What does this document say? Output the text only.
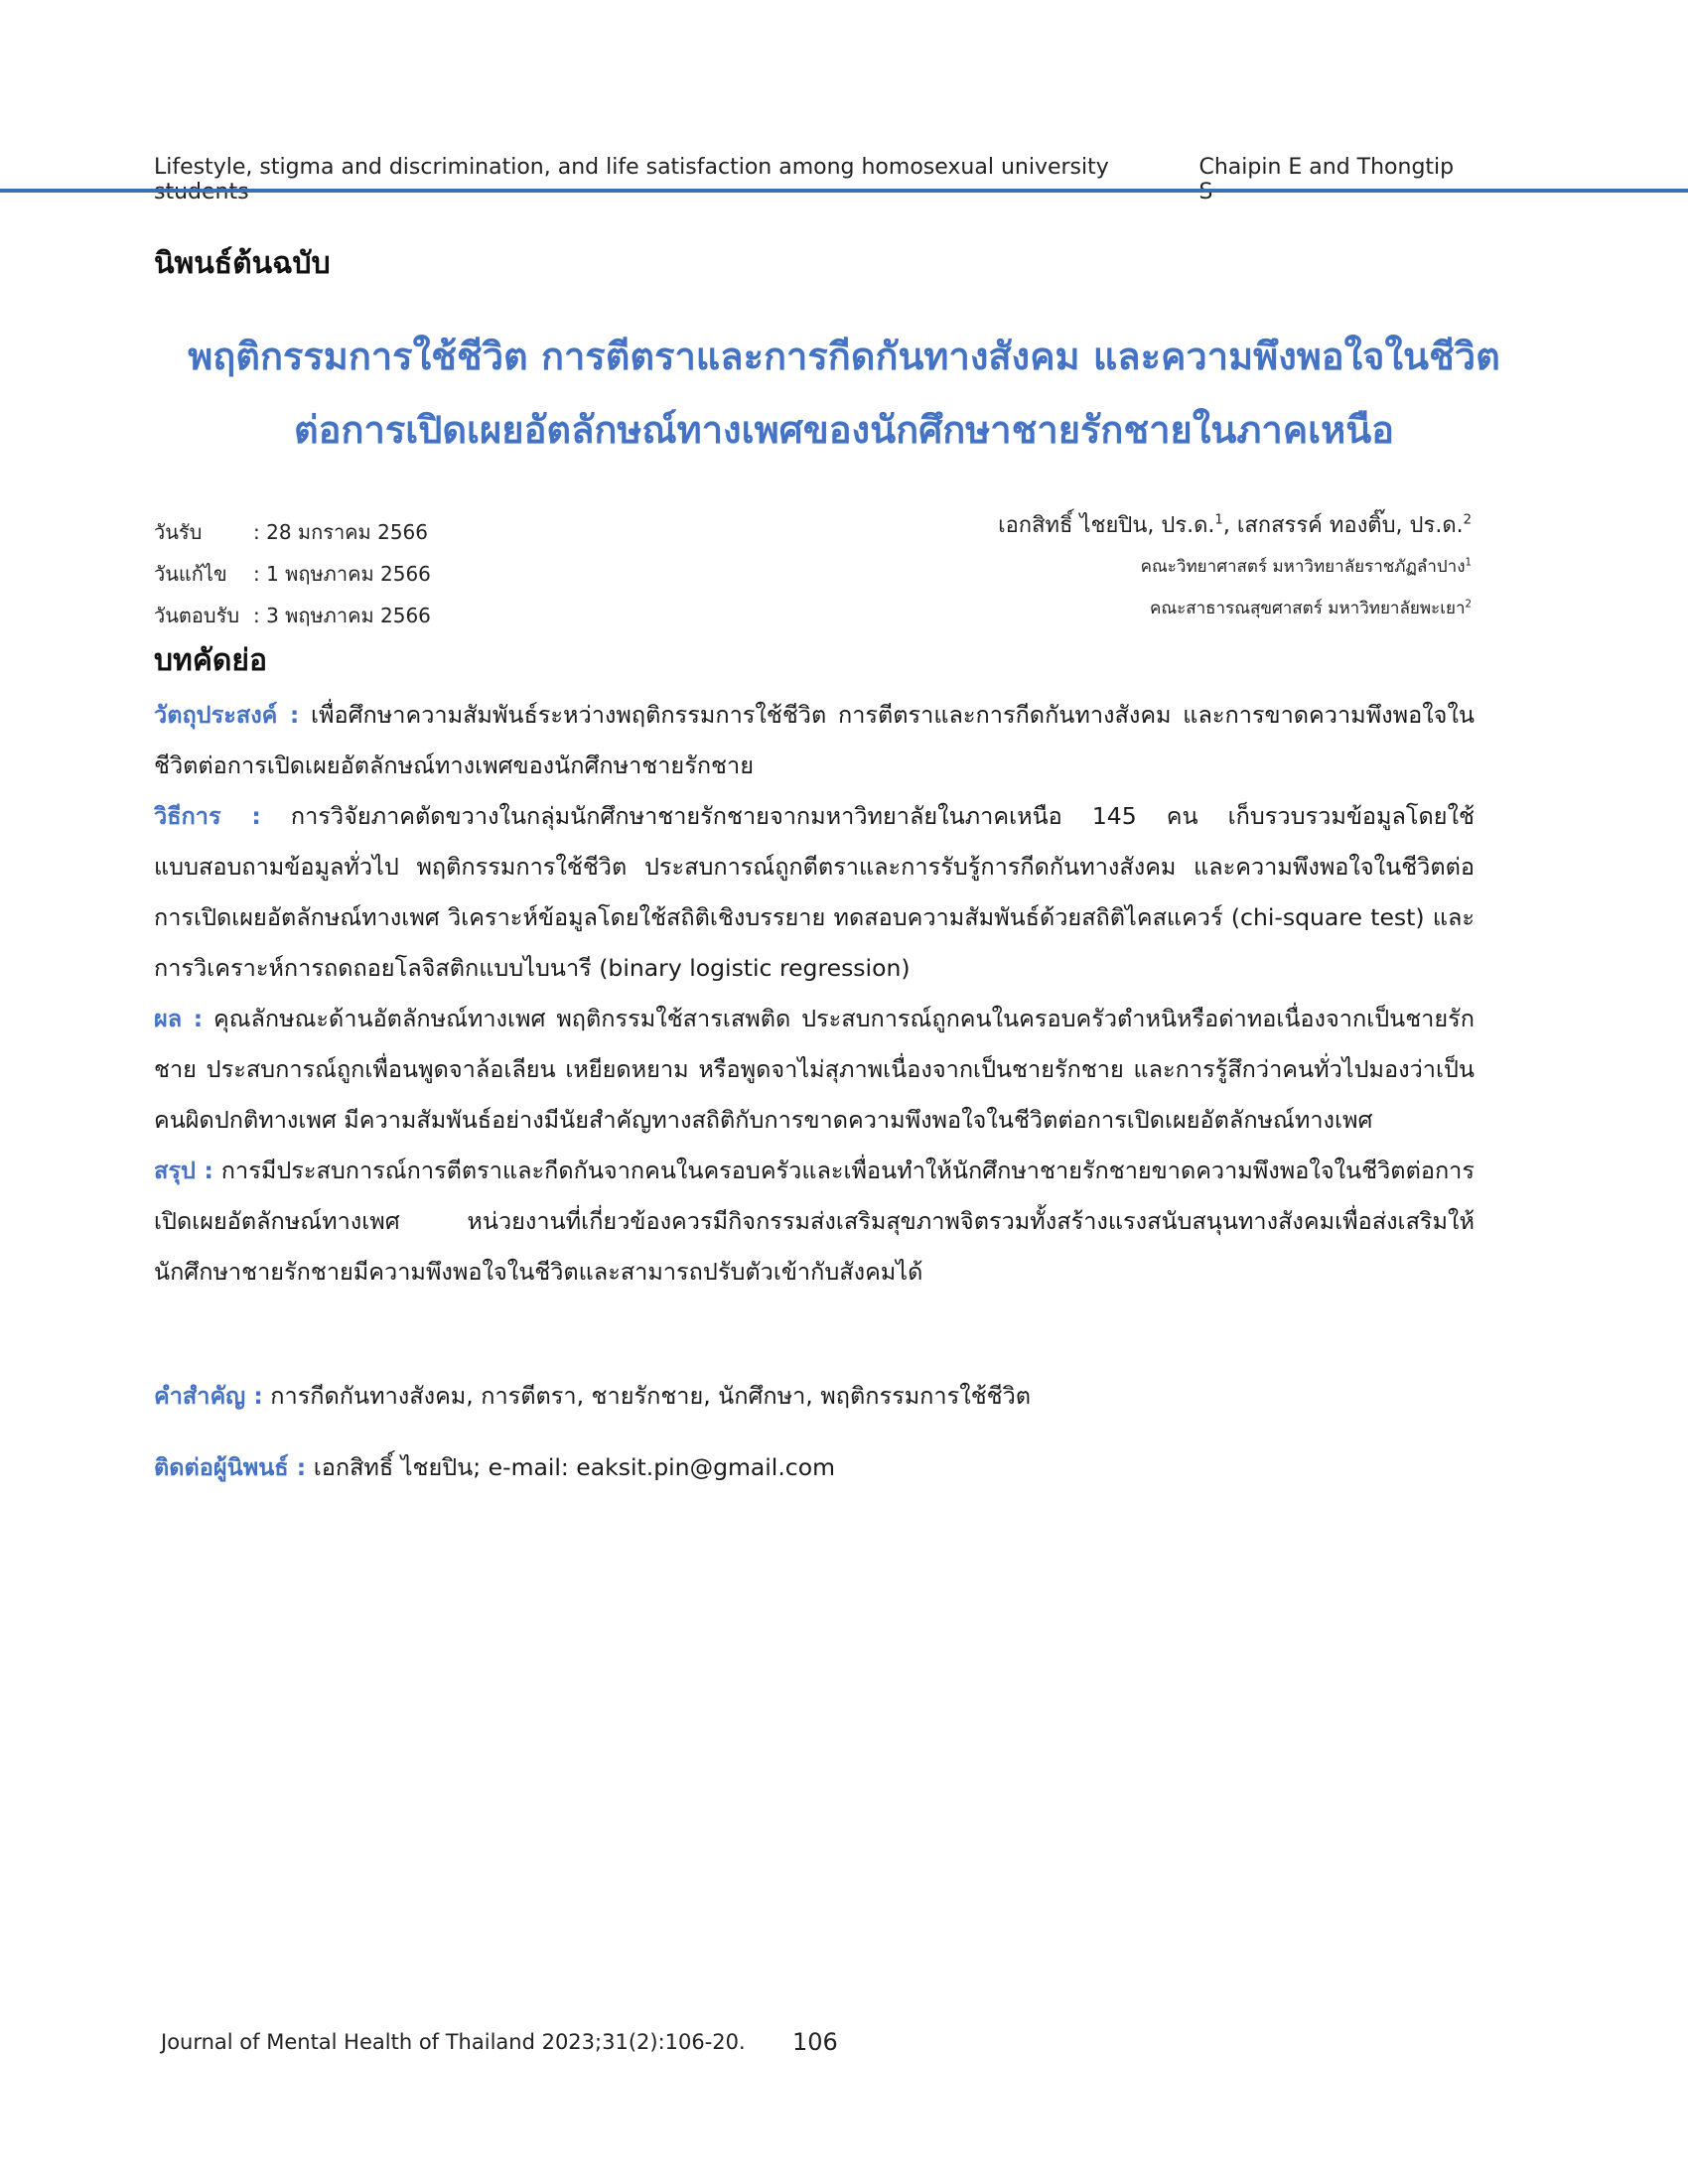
Lifestyle, stigma and discrimination, and life satisfaction among homosexual university	Chaipin E and Thongtip
นิพนธ์ต้นฉบับ
พฤติกรรมการใช้ชีวิต การตีตราและการกีดกันทางสังคม และความพึงพอใจในชีวิต
ต่อการเปิดเผยอัตลักษณ์ทางเพศของนักศึกษาชายรักชายในภาคเหนือ
วันรับ	: 28 มกราคม 2566
วันแก้ไข	: 1 พฤษภาคม 2566
วันตอบรับ : 3 พฤษภาคม 2566
เอกสิทธิ์ ไชยปิน, ปร.ด.$^1$, เสกสรรค์ ทองติ๊บ, ปร.ด.$^2$
คณะวิทยาศาสตร์ มหาวิทยาลัยราชภัฏลำปาง$^1$
คณะสาธารณสุขศาสตร์ มหาวิทยาลัยพะเยา$^2$
บทคัดย่อ

วัตถุประสงค์ : เพื่อศึกษาความสัมพันธ์ระหว่างพฤติกรรมการใช้ชีวิต การตีตราและการกีดกันทางสังคม และการขาดความพึงพอใจในชีวิตต่อการเปิดเผยอัตลักษณ์ทางเพศของนักศึกษาชายรักชาย

วิธีการ : การวิจัยภาคตัดขวางในกลุ่มนักศึกษาชายรักชายจากมหาวิทยาลัยในภาคเหนือ 145 คน เก็บรวบรวมข้อมูลโดยใช้แบบสอบถามข้อมูลทั่วไป พฤติกรรมการใช้ชีวิต ประสบการณ์ถูกตีตราและการรับรู้การกีดกันทางสังคม และความพึงพอใจในชีวิตต่อการเปิดเผยอัตลักษณ์ทางเพศ วิเคราะห์ข้อมูลโดยใช้สถิติเชิงบรรยาย ทดสอบความสัมพันธ์ด้วยสถิติไคสแควร์ (chi-square test) และการวิเคราะห์การถดถอยโลจิสติกแบบไบนารี (binary logistic regression)

ผล : คุณลักษณะด้านอัตลักษณ์ทางเพศ พฤติกรรมใช้สารเสพติด ประสบการณ์ถูกคนในครอบครัวตำหนิหรือด่าทอเนื่องจากเป็นชายรักชาย ประสบการณ์ถูกเพื่อนพูดจาล้อเลียน เหยียดหยาม หรือพูดจาไม่สุภาพเนื่องจากเป็นชายรักชาย และการรู้สึกว่าคนทั่วไปมองว่าเป็นคนผิดปกติทางเพศ มีความสัมพันธ์อย่างมีนัยสำคัญทางสถิติกับการขาดความพึงพอใจในชีวิตต่อการเปิดเผยอัตลักษณ์ทางเพศ

สรุป : การมีประสบการณ์การตีตราและกีดกันจากคนในครอบครัวและเพื่อนทำให้นักศึกษาชายรักชายขาดความพึงพอใจในชีวิตต่อการเปิดเผยอัตลักษณ์ทางเพศ หน่วยงานที่เกี่ยวข้องควรมีกิจกรรมส่งเสริมสุขภาพจิตรวมทั้งสร้างแรงสนับสนุนทางสังคมเพื่อส่งเสริมให้นักศึกษาชายรักชายมีความพึงพอใจในชีวิตและสามารถปรับตัวเข้ากับสังคมได้

คำสำคัญ : การกีดกันทางสังคม, การตีตรา, ชายรักชาย, นักศึกษา, พฤติกรรมการใช้ชีวิต
ติดต่อผู้นิพนธ์ : เอกสิทธิ์ ไชยปิน; e-mail: eaksit.pin@gmail.com
Journal of Mental Health of Thailand 2023;31(2):106-20. 106
